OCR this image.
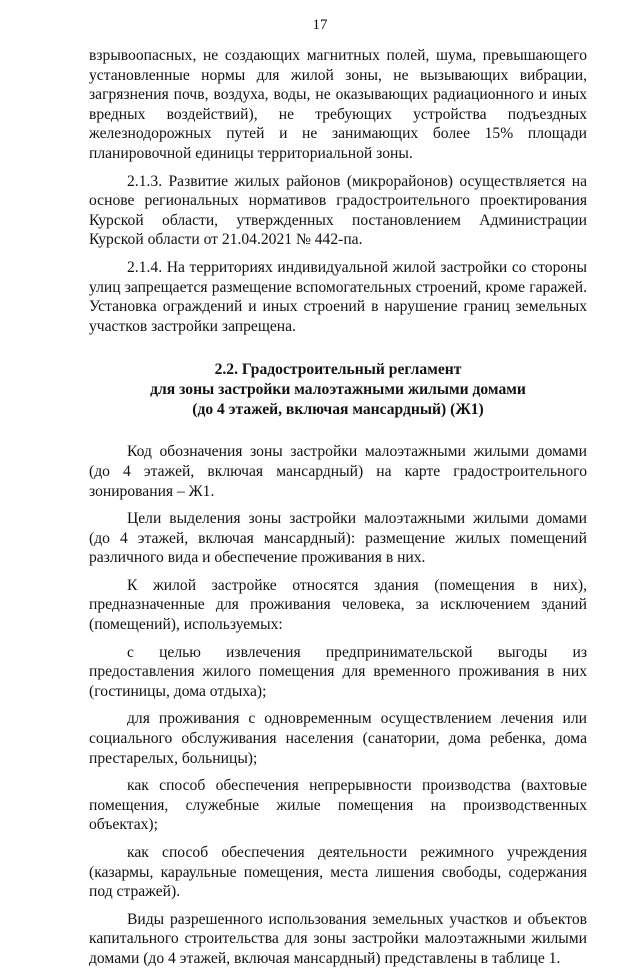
17

взрывоопасных, не создающих магнитных полей, шума, превышающего установленные нормы для жилой зоны, не вызывающих вибрации, загрязнения почв, воздуха, воды, не оказывающих радиационного и иных вредных воздействий), не требующих устройства подъездных железнодорожных путей и не занимающих более 15% площади планировочной единицы территориальной зоны.

2.1.3. Развитие жилых районов (микрорайонов) осуществляется на основе региональных нормативов градостроительного проектирования Курской области, утвержденных постановлением Администрации Курской области от 21.04.2021 № 442-па.

2.1.4. На территориях индивидуальной жилой застройки со стороны улиц запрещается размещение вспомогательных строений, кроме гаражей. Установка ограждений и иных строений в нарушение границ земельных участков застройки запрещена.

2.2. Градостроительный регламент
для зоны застройки малоэтажными жилыми домами
(до 4 этажей, включая мансардный) (Ж1)

Код обозначения зоны застройки малоэтажными жилыми домами (до 4 этажей, включая мансардный) на карте градостроительного зонирования – Ж1.

Цели выделения зоны застройки малоэтажными жилыми домами (до 4 этажей, включая мансардный): размещение жилых помещений различного вида и обеспечение проживания в них.

К жилой застройке относятся здания (помещения в них), предназначенные для проживания человека, за исключением зданий (помещений), используемых:

с целью извлечения предпринимательской выгоды из предоставления жилого помещения для временного проживания в них (гостиницы, дома отдыха);

для проживания с одновременным осуществлением лечения или социального обслуживания населения (санатории, дома ребенка, дома престарелых, больницы);

как способ обеспечения непрерывности производства (вахтовые помещения, служебные жилые помещения на производственных объектах);

как способ обеспечения деятельности режимного учреждения (казармы, караульные помещения, места лишения свободы, содержания под стражей).

Виды разрешенного использования земельных участков и объектов капитального строительства для зоны застройки малоэтажными жилыми домами (до 4 этажей, включая мансардный) представлены в таблице 1.
